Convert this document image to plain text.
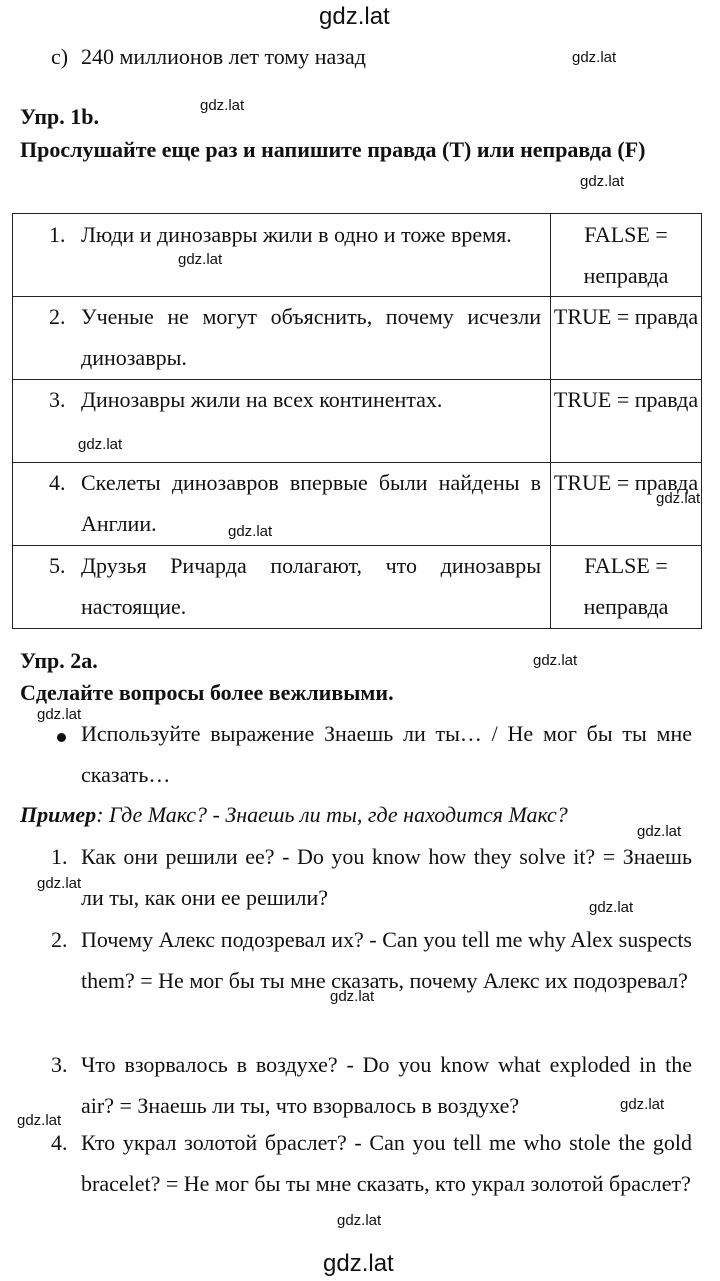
gdz.lat
gdz.lat
gdz.lat
gdz.lat
gdz.lat
gdz.lat
gdz.lat
gdz.lat
gdz.lat
gdz.lat
gdz.lat
gdz.lat
gdz.lat
gdz.lat
gdz.lat
gdz.lat
gdz.lat
gdz.lat
c) 240 миллионов лет тому назад
Упр. 1b.
Прослушайте еще раз и напишите правда (T) или неправда (F)
1. Люди и динозавры жили в одно и тоже время.	FALSE = неправда
2. Ученые не могут объяснить, почему исчезли динозавры.
TRUE = правда
3. Динозавры жили на всех континентах.	TRUE = правда
4. Скелеты динозавров впервые были найдены в Англии.
TRUE = правда
5. Друзья Ричарда полагают, что динозавры настоящие.
FALSE = неправда
Упр. 2a.
Сделайте вопросы более вежливыми.
Используйте выражение Знаешь ли ты… / Не мог бы ты мне сказать…
Пример: Где Макс? - Знаешь ли ты, где находится Макс?
1. Как они решили ее? - Do you know how they solve it? = Знаешь ли ты, как они ее решили?
2. Почему Алекс подозревал их? - Can you tell me why Alex suspects them? = Не мог бы ты мне сказать, почему Алекс их подозревал?
3. Что взорвалось в воздухе? - Do you know what exploded in the air? = Знаешь ли ты, что взорвалось в воздухе?
4. Кто украл золотой браслет? - Can you tell me who stole the gold bracelet? = Не мог бы ты мне сказать, кто украл золотой браслет?
